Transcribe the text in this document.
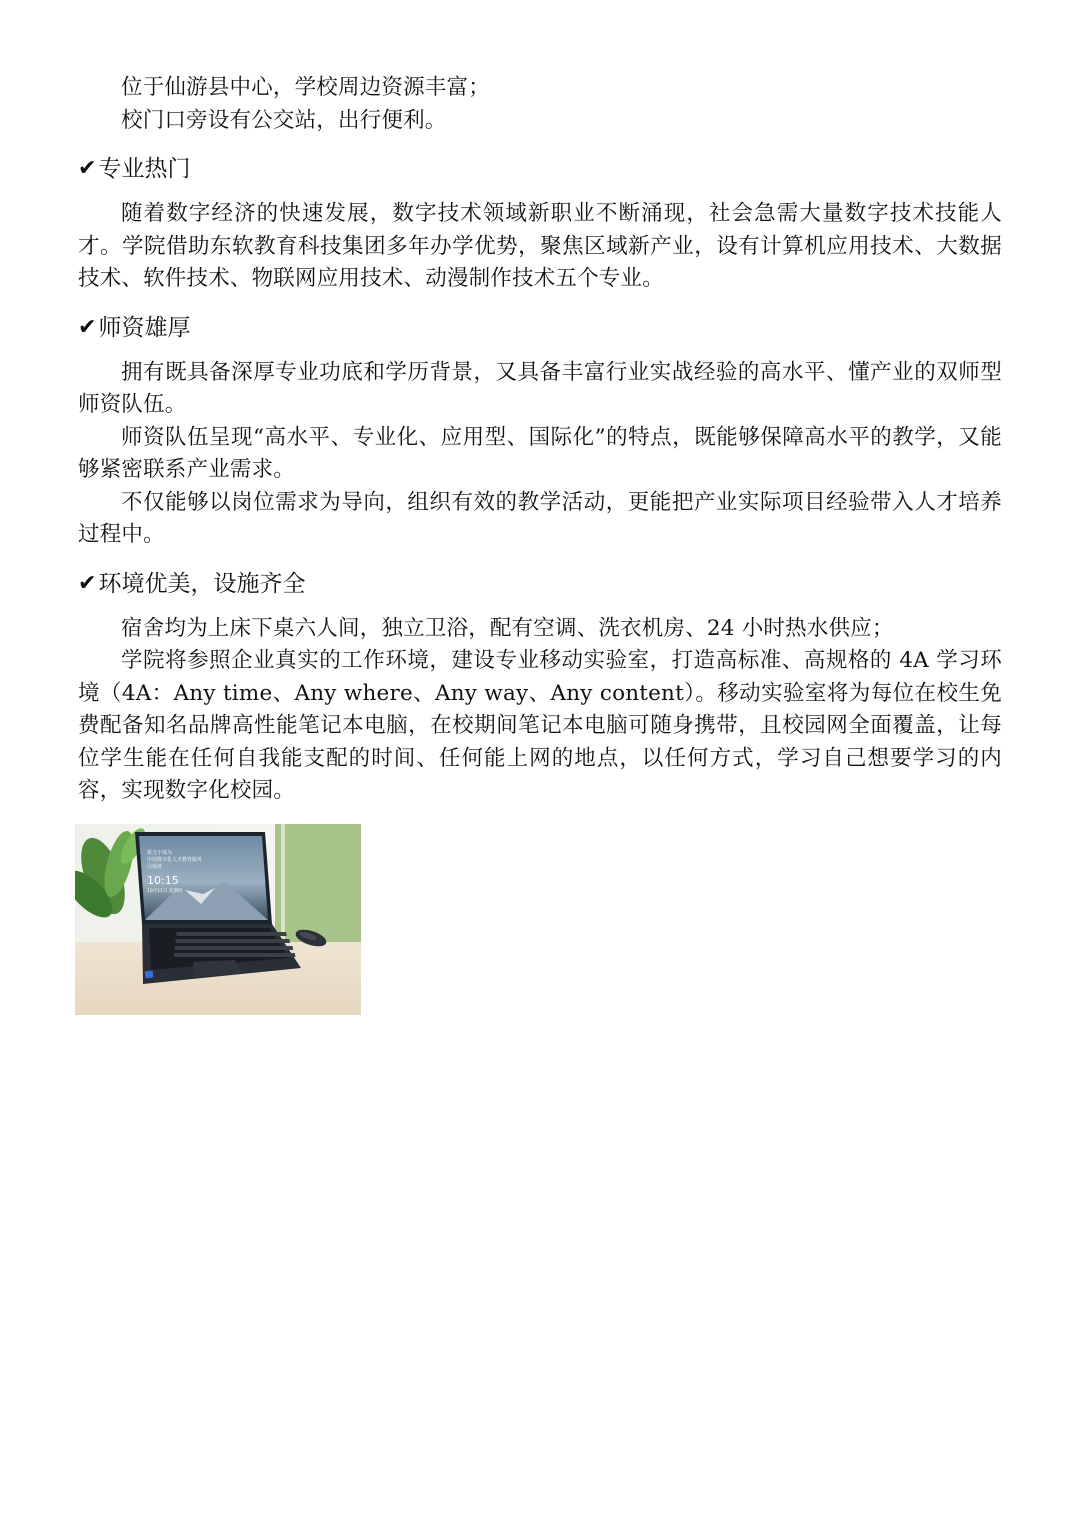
位于仙游县中心，学校周边资源丰富；

校门口旁设有公交站，出行便利。

✔ 专业热门

随着数字经济的快速发展，数字技术领域新职业不断涌现，社会急需大量数字技术技能人才。学院借助东软教育科技集团多年办学优势，聚焦区域新产业，设有计算机应用技术、大数据技术、软件技术、物联网应用技术、动漫制作技术五个专业。

✔ 师资雄厚

拥有既具备深厚专业功底和学历背景，又具备丰富行业实战经验的高水平、懂产业的双师型师资队伍。

师资队伍呈现“高水平、专业化、应用型、国际化”的特点，既能够保障高水平的教学，又能够紧密联系产业需求。

不仅能够以岗位需求为导向，组织有效的教学活动，更能把产业实际项目经验带入人才培养过程中。

✔ 环境优美，设施齐全

宿舍均为上床下桌六人间，独立卫浴，配有空调、洗衣机房、24 小时热水供应；

学院将参照企业真实的工作环境，建设专业移动实验室，打造高标准、高规格的 4A 学习环境（4A：Any time、Any where、Any way、Any content）。移动实验室将为每位在校生免费配备知名品牌高性能笔记本电脑，在校期间笔记本电脑可随身携带，且校园网全面覆盖，让每位学生能在任何自我能支配的时间、任何能上网的地点，以任何方式，学习自己想要学习的内容，实现数字化校园。

致力于成为
中国数字化人才教育服务
引领者
10:15
10月11日 星期四
